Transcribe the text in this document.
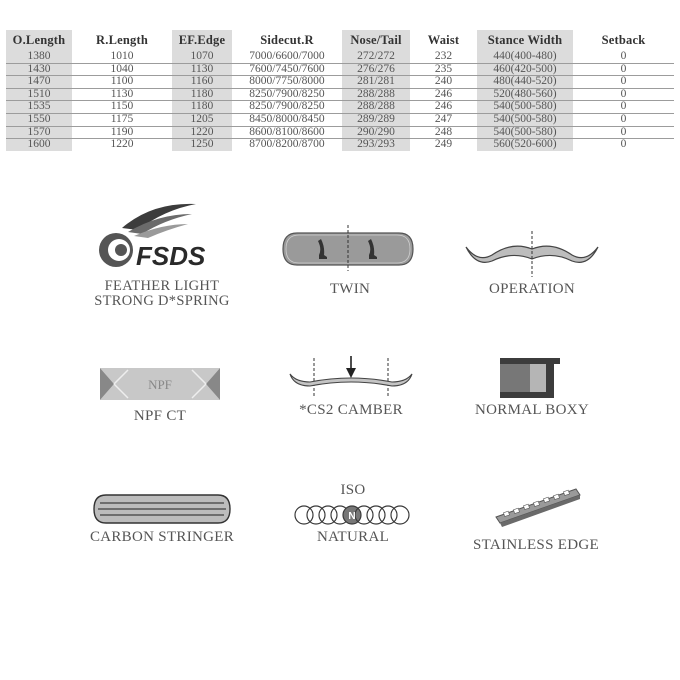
O.Length	R.Length	EF.Edge	Sidecut.R	Nose/Tail	Waist	Stance Width	Setback
1380	1010	1070	7000/6600/7000	272/272	232	440(400-480)	0
1430	1040	1130	7600/7450/7600	276/276	235	460(420-500)	0
1470	1100	1160	8000/7750/8000	281/281	240	480(440-520)	0
1510	1130	1180	8250/7900/8250	288/288	246	520(480-560)	0
1535	1150	1180	8250/7900/8250	288/288	246	540(500-580)	0
1550	1175	1205	8450/8000/8450	289/289	247	540(500-580)	0
1570	1190	1220	8600/8100/8600	290/290	248	540(500-580)	0
1600	1220	1250	8700/8200/8700	293/293	249	560(520-600)	0
FSDS
FEATHER LIGHT
STRONG D*SPRING
TWIN	OPERATION
NPF
NPF CT	*CS2 CAMBER	NORMAL BOXY
CARBON STRINGER
ISO
N
NATURAL	STAINLESS EDGE
